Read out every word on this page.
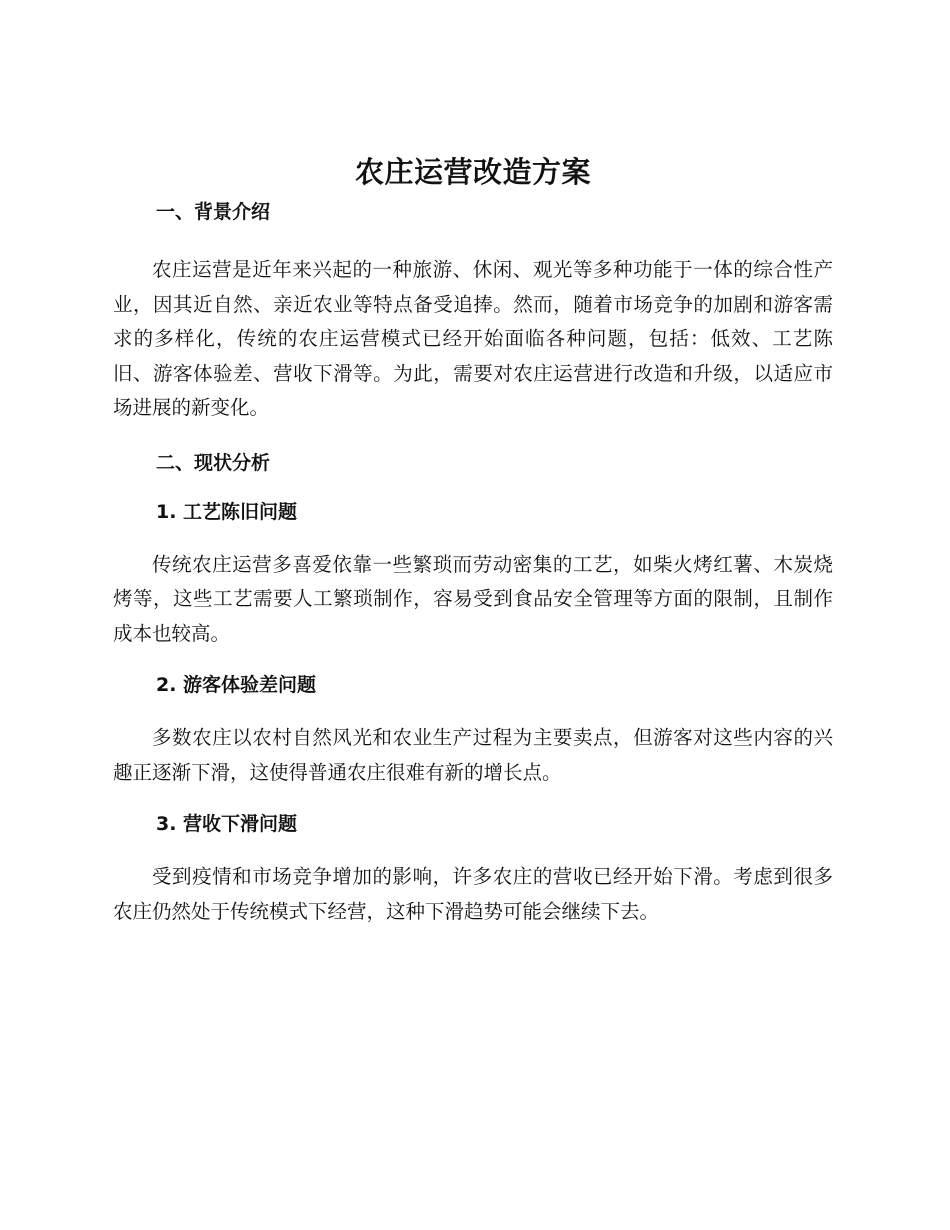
农庄运营改造方案
一、背景介绍

农庄运营是近年来兴起的一种旅游、休闲、观光等多种功能于一体的综合性产业，因其近自然、亲近农业等特点备受追捧。然而，随着市场竞争的加剧和游客需求的多样化，传统的农庄运营模式已经开始面临各种问题，包括：低效、工艺陈旧、游客体验差、营收下滑等。为此，需要对农庄运营进行改造和升级，以适应市场进展的新变化。

二、现状分析
1. 工艺陈旧问题

传统农庄运营多喜爱依靠一些繁琐而劳动密集的工艺，如柴火烤红薯、木炭烧烤等，这些工艺需要人工繁琐制作，容易受到食品安全管理等方面的限制，且制作成本也较高。

2. 游客体验差问题

多数农庄以农村自然风光和农业生产过程为主要卖点，但游客对这些内容的兴趣正逐渐下滑，这使得普通农庄很难有新的增长点。

3. 营收下滑问题

受到疫情和市场竞争增加的影响，许多农庄的营收已经开始下滑。考虑到很多农庄仍然处于传统模式下经营，这种下滑趋势可能会继续下去。
